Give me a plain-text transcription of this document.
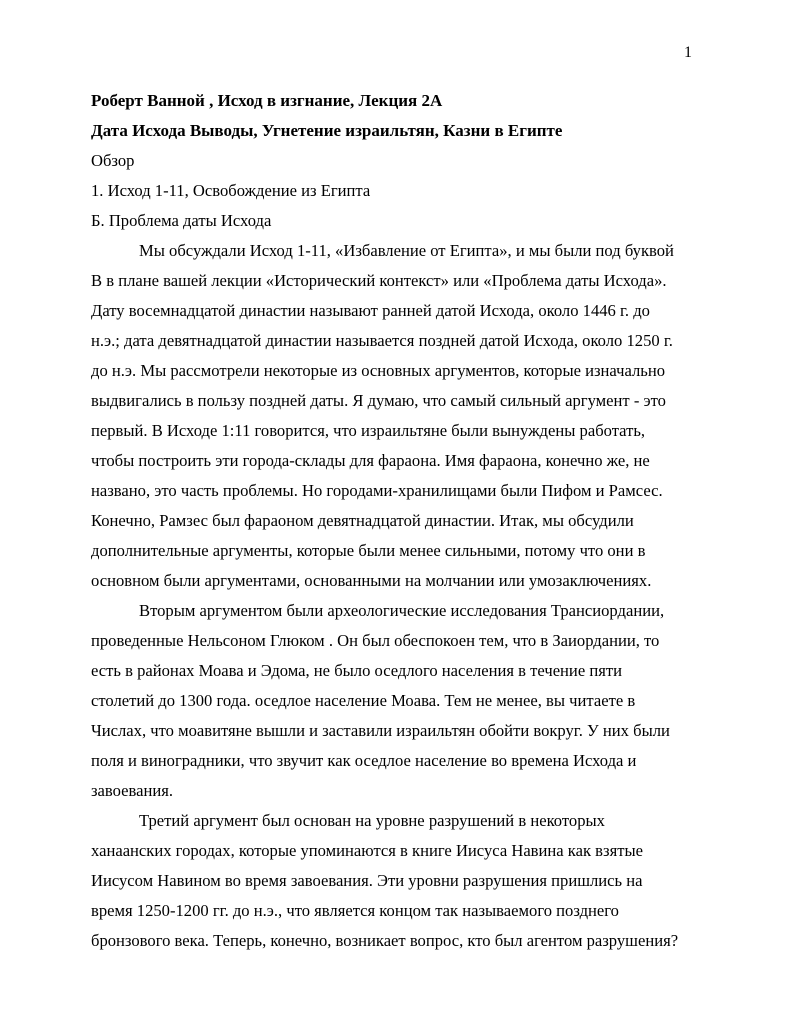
1
Роберт Ванной , Исход в изгнание, Лекция 2А
Дата Исхода Выводы, Угнетение израильтян, Казни в Египте
Обзор
1. Исход 1-11, Освобождение из Египта
Б. Проблема даты Исхода
Мы обсуждали Исход 1-11, «Избавление от Египта», и мы были под буквой
В в плане вашей лекции «Исторический контекст» или «Проблема даты Исхода».
Дату восемнадцатой династии называют ранней датой Исхода, около 1446 г. до
н.э.; дата девятнадцатой династии называется поздней датой Исхода, около 1250 г.
до н.э. Мы рассмотрели некоторые из основных аргументов, которые изначально
выдвигались в пользу поздней даты. Я думаю, что самый сильный аргумент - это
первый. В Исходе 1:11 говорится, что израильтяне были вынуждены работать,
чтобы построить эти города-склады для фараона. Имя фараона, конечно же, не
названо, это часть проблемы. Но городами-хранилищами были Пифом и Рамсес.
Конечно, Рамзес был фараоном девятнадцатой династии. Итак, мы обсудили
дополнительные аргументы, которые были менее сильными, потому что они в
основном были аргументами, основанными на молчании или умозаключениях.
Вторым аргументом были археологические исследования Трансиордании,
проведенные Нельсоном Глюком . Он был обеспокоен тем, что в Заиордании, то
есть в районах Моава и Эдома, не было оседлого населения в течение пяти
столетий до 1300 года. оседлое население Моава. Тем не менее, вы читаете в
Числах, что моавитяне вышли и заставили израильтян обойти вокруг. У них были
поля и виноградники, что звучит как оседлое население во времена Исхода и
завоевания.
Третий аргумент был основан на уровне разрушений в некоторых
ханаанских городах, которые упоминаются в книге Иисуса Навина как взятые
Иисусом Навином во время завоевания. Эти уровни разрушения пришлись на
время 1250-1200 гг. до н.э., что является концом так называемого позднего
бронзового века. Теперь, конечно, возникает вопрос, кто был агентом разрушения?
